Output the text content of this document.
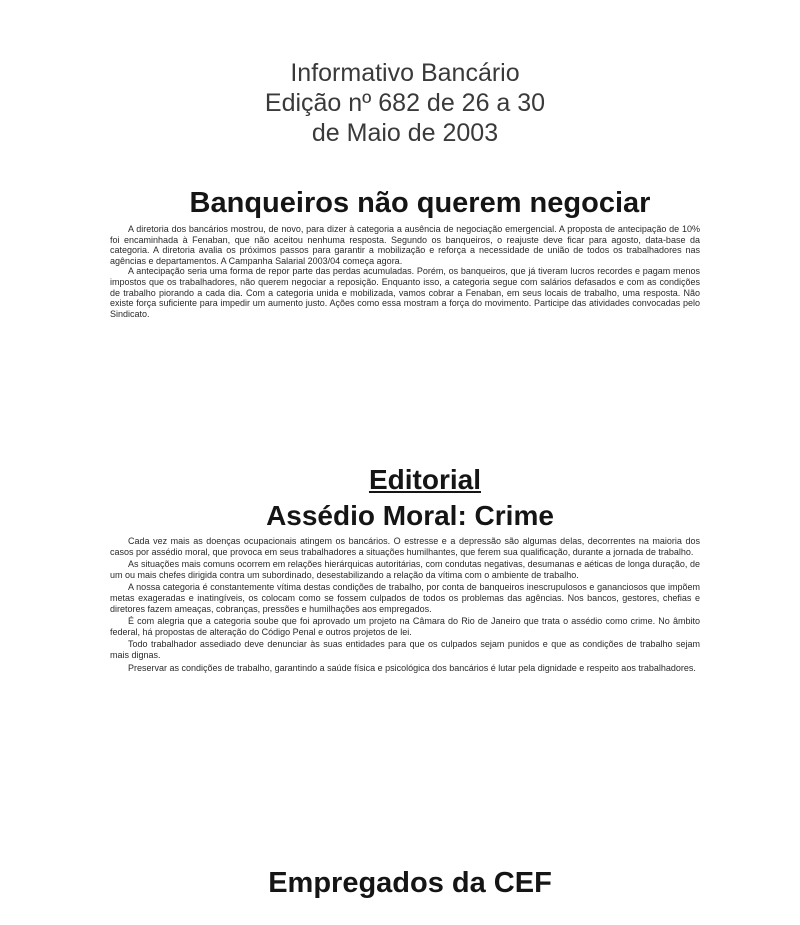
Informativo Bancário
Edição nº 682 de 26 a 30
de Maio de 2003
Banqueiros não querem negociar

A diretoria dos bancários mostrou, de novo, para dizer à categoria a ausência de negociação emergencial. A proposta de antecipação de 10% foi encaminhada à Fenaban, que não aceitou nenhuma resposta. Segundo os banqueiros, o reajuste deve ficar para agosto, data-base da categoria. A diretoria avalia os próximos passos para garantir a mobilização e reforça a necessidade de união de todos os trabalhadores nas agências e departamentos. A Campanha Salarial 2003/04 começa agora.

A antecipação seria uma forma de repor parte das perdas acumuladas. Porém, os banqueiros, que já tiveram lucros recordes e pagam menos impostos que os trabalhadores, não querem negociar a reposição. Enquanto isso, a categoria segue com salários defasados e com as condições de trabalho piorando a cada dia. Com a categoria unida e mobilizada, vamos cobrar a Fenaban, em seus locais de trabalho, uma resposta. Não existe força suficiente para impedir um aumento justo. Ações como essa mostram a força do movimento. Participe das atividades convocadas pelo Sindicato.

Editorial
Assédio Moral: Crime

Cada vez mais as doenças ocupacionais atingem os bancários. O estresse e a depressão são algumas delas, decorrentes na maioria dos casos por assédio moral, que provoca em seus trabalhadores a situações humilhantes, que ferem sua qualificação, durante a jornada de trabalho.

As situações mais comuns ocorrem em relações hierárquicas autoritárias, com condutas negativas, desumanas e aéticas de longa duração, de um ou mais chefes dirigida contra um subordinado, desestabilizando a relação da vítima com o ambiente de trabalho.

A nossa categoria é constantemente vítima destas condições de trabalho, por conta de banqueiros inescrupulosos e gananciosos que impõem metas exageradas e inatingíveis, os colocam como se fossem culpados de todos os problemas das agências. Nos bancos, gestores, chefias e diretores fazem ameaças, cobranças, pressões e humilhações aos empregados.

É com alegria que a categoria soube que foi aprovado um projeto na Câmara do Rio de Janeiro que trata o assédio como crime. No âmbito federal, há propostas de alteração do Código Penal e outros projetos de lei.

Todo trabalhador assediado deve denunciar às suas entidades para que os culpados sejam punidos e que as condições de trabalho sejam mais dignas.

Preservar as condições de trabalho, garantindo a saúde física e psicológica dos bancários é lutar pela dignidade e respeito aos trabalhadores.

Empregados da CEF
